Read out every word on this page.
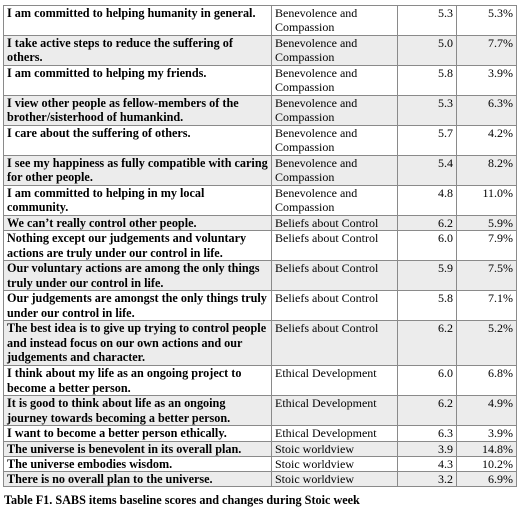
I am committed to helping humanity in general.	Benevolence and Compassion	5.3	5.3%
I take active steps to reduce the suffering of others.	Benevolence and Compassion	5.0	7.7%
I am committed to helping my friends.	Benevolence and Compassion	5.8	3.9%
I view other people as fellow-members of the brother/sisterhood of humankind.	Benevolence and Compassion	5.3	6.3%
I care about the suffering of others.	Benevolence and Compassion	5.7	4.2%
I see my happiness as fully compatible with caring for other people.	Benevolence and Compassion	5.4	8.2%
I am committed to helping in my local community.	Benevolence and Compassion	4.8	11.0%
We can’t really control other people.	Beliefs about Control	6.2	5.9%
Nothing except our judgements and voluntary actions are truly under our control in life.	Beliefs about Control	6.0	7.9%
Our voluntary actions are among the only things truly under our control in life.	Beliefs about Control	5.9	7.5%
Our judgements are amongst the only things truly under our control in life.	Beliefs about Control	5.8	7.1%
The best idea is to give up trying to control people and instead focus on our own actions and our judgements and character.	Beliefs about Control	6.2	5.2%
I think about my life as an ongoing project to become a better person.	Ethical Development	6.0	6.8%
It is good to think about life as an ongoing journey towards becoming a better person.	Ethical Development	6.2	4.9%
I want to become a better person ethically.	Ethical Development	6.3	3.9%
The universe is benevolent in its overall plan.	Stoic worldview	3.9	14.8%
The universe embodies wisdom.	Stoic worldview	4.3	10.2%
There is no overall plan to the universe.	Stoic worldview	3.2	6.9%
Table F1. SABS items baseline scores and changes during Stoic week
